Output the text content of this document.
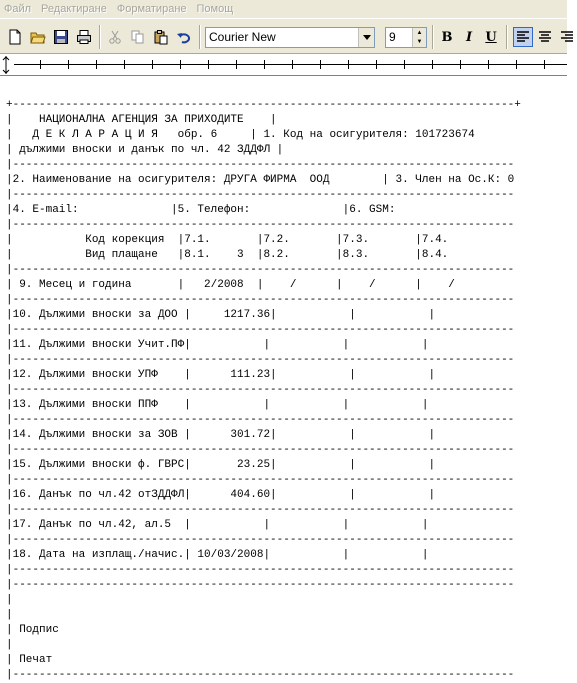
Файл Редактиране Форматиране Помощ
Courier New	9	▲
▼	B	I	U
+----------------------------------------------------------------------------+
|    НАЦИОНАЛНА АГЕНЦИЯ ЗА ПРИХОДИТЕ    |
|   Д Е К Л А Р А Ц И Я   обр. 6     | 1. Код на осигурителя: 101723674
| дължими вноски и данък по чл. 42 ЗДДФЛ |
|----------------------------------------------------------------------------
|2. Наименование на осигурителя: ДРУГА ФИРМА  ООД        | 3. Член на Ос.К: 0
|----------------------------------------------------------------------------
|4. E-mail:              |5. Телефон:              |6. GSM:
|----------------------------------------------------------------------------
|           Код корекция  |7.1.       |7.2.       |7.3.       |7.4.
|           Вид плащане   |8.1.    3  |8.2.       |8.3.       |8.4.
|----------------------------------------------------------------------------
| 9. Месец и година       |   2/2008  |    /      |    /      |    /
|----------------------------------------------------------------------------
|10. Дължими вноски за ДОО |     1217.36|           |           |
|----------------------------------------------------------------------------
|11. Дължими вноски Учит.ПФ|           |           |           |
|----------------------------------------------------------------------------
|12. Дължими вноски УПФ    |      111.23|           |           |
|----------------------------------------------------------------------------
|13. Дължими вноски ППФ    |           |           |           |
|----------------------------------------------------------------------------
|14. Дължими вноски за ЗОВ |      301.72|           |           |
|----------------------------------------------------------------------------
|15. Дължими вноски ф. ГВРС|       23.25|           |           |
|----------------------------------------------------------------------------
|16. Данък по чл.42 отЗДДФЛ|      404.60|           |           |
|----------------------------------------------------------------------------
|17. Данък по чл.42, ал.5  |           |           |           |
|----------------------------------------------------------------------------
|18. Дата на изплащ./начис.| 10/03/2008|           |           |
|----------------------------------------------------------------------------
|----------------------------------------------------------------------------
|
|
| Подпис
|
| Печат
|----------------------------------------------------------------------------
